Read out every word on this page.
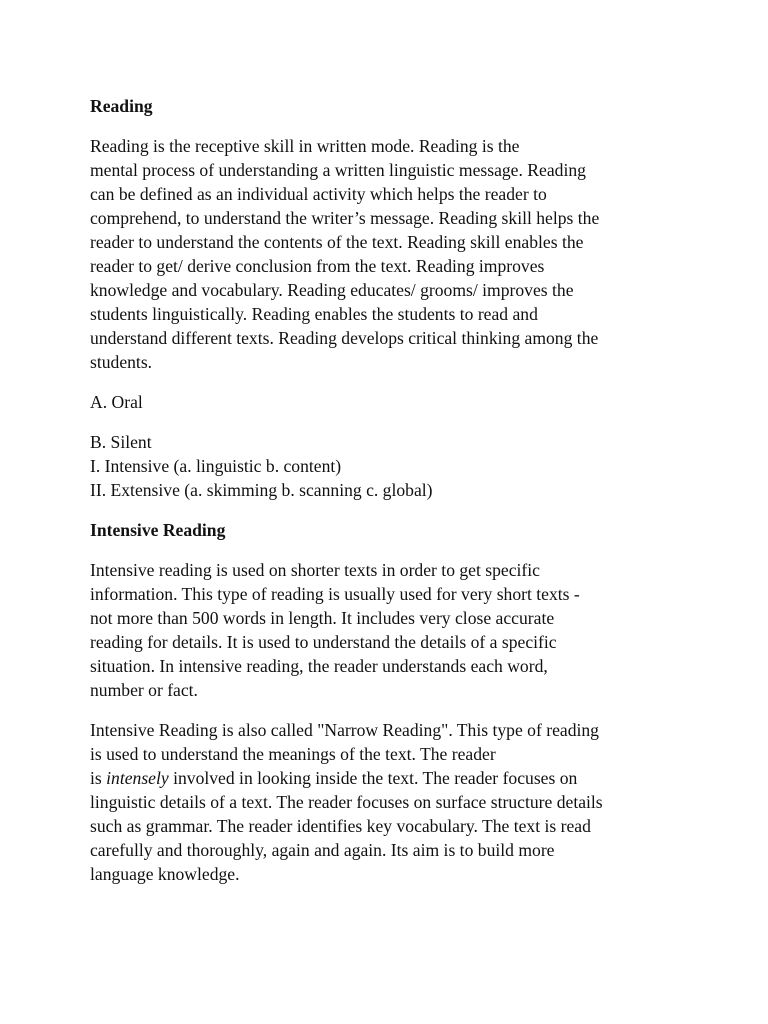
Reading
Reading is the receptive skill in written mode. Reading is the
mental process of understanding a written linguistic message. Reading
can be defined as an individual activity which helps the reader to
comprehend, to understand the writer’s message. Reading skill helps the
reader to understand the contents of the text. Reading skill enables the
reader to get/ derive conclusion from the text. Reading improves
knowledge and vocabulary. Reading educates/ grooms/ improves the
students linguistically. Reading enables the students to read and
understand different texts. Reading develops critical thinking among the
students.
A. Oral
B. Silent
I. Intensive (a. linguistic b. content)
II. Extensive (a. skimming b. scanning c. global)
Intensive Reading
Intensive reading is used on shorter texts in order to get specific
information. This type of reading is usually used for very short texts -
not more than 500 words in length. It includes very close accurate
reading for details. It is used to understand the details of a specific
situation. In intensive reading, the reader understands each word,
number or fact.
Intensive Reading is also called "Narrow Reading". This type of reading
is used to understand the meanings of the text. The reader
is intensely involved in looking inside the text. The reader focuses on
linguistic details of a text. The reader focuses on surface structure details
such as grammar. The reader identifies key vocabulary. The text is read
carefully and thoroughly, again and again. Its aim is to build more
language knowledge.
